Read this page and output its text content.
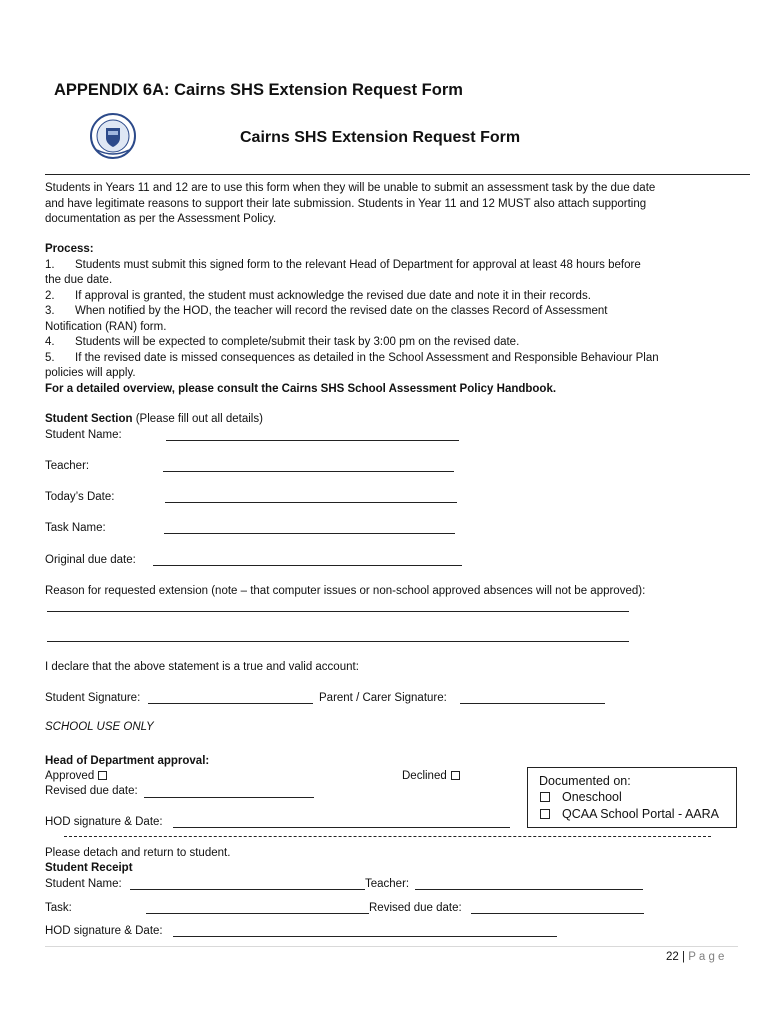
APPENDIX 6A: Cairns SHS Extension Request Form
Cairns SHS Extension Request Form
Students in Years 11 and 12 are to use this form when they will be unable to submit an assessment task by the due date
and have legitimate reasons to support their late submission. Students in Year 11 and 12 MUST also attach supporting
documentation as per the Assessment Policy.
Process:
1. Students must submit this signed form to the relevant Head of Department for approval at least 48 hours before
the due date.
2. If approval is granted, the student must acknowledge the revised due date and note it in their records.
3. When notified by the HOD, the teacher will record the revised date on the classes Record of Assessment
Notification (RAN) form.
4. Students will be expected to complete/submit their task by 3:00 pm on the revised date.
5. If the revised date is missed consequences as detailed in the School Assessment and Responsible Behaviour Plan
policies will apply.
For a detailed overview, please consult the Cairns SHS School Assessment Policy Handbook.
Student Section (Please fill out all details)
Student Name:
Teacher:
Today’s Date:
Task Name:
Original due date:
Reason for requested extension (note – that computer issues or non-school approved absences will not be approved):
I declare that the above statement is a true and valid account:
Student Signature:	Parent / Carer Signature:
SCHOOL USE ONLY
Head of Department approval:
Approved	Declined
Revised due date:
HOD signature & Date:
Documented on:
Oneschool
QCAA School Portal - AARA
Please detach and return to student.
Student Receipt
Student Name:	Teacher:
Task:	Revised due date:
HOD signature & Date:
22 | P a g e
